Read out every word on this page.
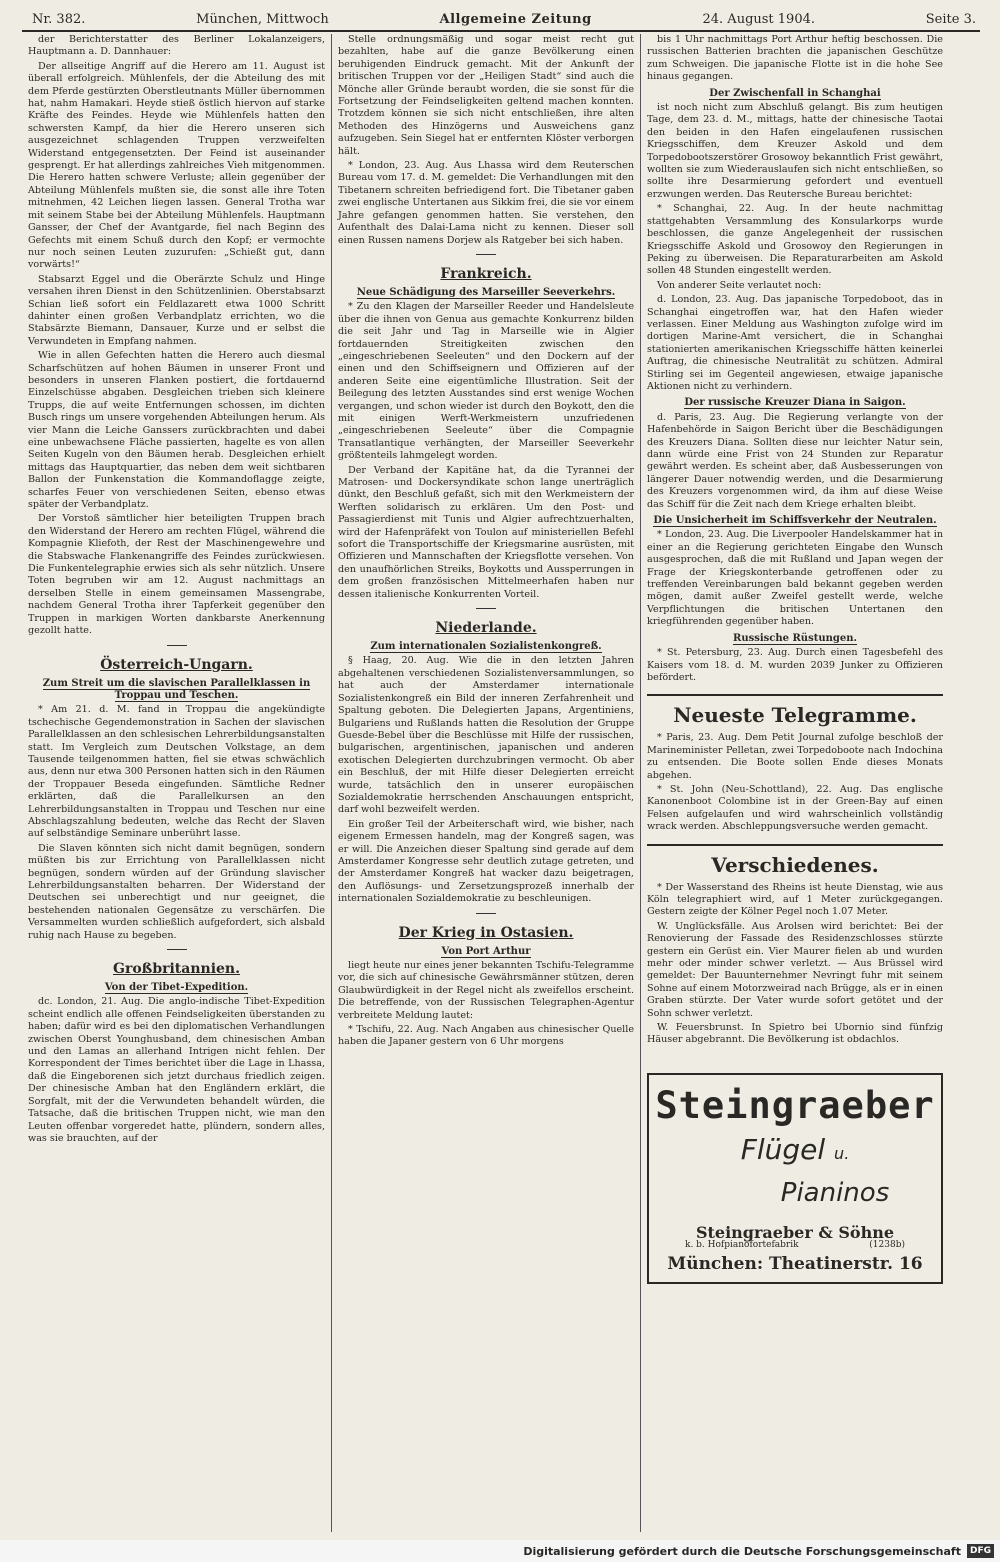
Nr. 382.	München, Mittwoch	Allgemeine Zeitung	24. August 1904.	Seite 3.

der Berichterstatter des Berliner Lokalanzeigers, Hauptmann a. D. Dannhauer:

Der allseitige Angriff auf die Herero am 11. August ist überall erfolgreich. Mühlenfels, der die Abteilung des mit dem Pferde gestürzten Oberstleutnants Müller übernommen hat, nahm Hamakari. Heyde stieß östlich hiervon auf starke Kräfte des Feindes. Heyde wie Mühlenfels hatten den schwersten Kampf, da hier die Herero unseren sich ausgezeichnet schlagenden Truppen verzweifelten Widerstand entgegensetzten. Der Feind ist auseinander gesprengt. Er hat allerdings zahlreiches Vieh mitgenommen. Die Herero hatten schwere Verluste; allein gegenüber der Abteilung Mühlenfels mußten sie, die sonst alle ihre Toten mitnehmen, 42 Leichen liegen lassen. General Trotha war mit seinem Stabe bei der Abteilung Mühlenfels. Hauptmann Gansser, der Chef der Avantgarde, fiel nach Beginn des Gefechts mit einem Schuß durch den Kopf; er vermochte nur noch seinen Leuten zuzurufen: „Schießt gut, dann vorwärts!“

Stabsarzt Eggel und die Oberärzte Schulz und Hinge versahen ihren Dienst in den Schützenlinien. Oberstabsarzt Schian ließ sofort ein Feldlazarett etwa 1000 Schritt dahinter einen großen Verbandplatz errichten, wo die Stabsärzte Biemann, Dansauer, Kurze und er selbst die Verwundeten in Empfang nahmen.

Wie in allen Gefechten hatten die Herero auch diesmal Scharfschützen auf hohen Bäumen in unserer Front und besonders in unseren Flanken postiert, die fortdauernd Einzelschüsse abgaben. Desgleichen trieben sich kleinere Trupps, die auf weite Entfernungen schossen, im dichten Busch rings um unsere vorgehenden Abteilungen herum. Als vier Mann die Leiche Ganssers zurückbrachten und dabei eine unbewachsene Fläche passierten, hagelte es von allen Seiten Kugeln von den Bäumen herab. Desgleichen erhielt mittags das Hauptquartier, das neben dem weit sichtbaren Ballon der Funkenstation die Kommandoflagge zeigte, scharfes Feuer von verschiedenen Seiten, ebenso etwas später der Verbandplatz.

Der Vorstoß sämtlicher hier beteiligten Truppen brach den Widerstand der Herero am rechten Flügel, während die Kompagnie Kliefoth, der Rest der Maschinengewehre und die Stabswache Flankenangriffe des Feindes zurückwiesen. Die Funkentelegraphie erwies sich als sehr nützlich. Unsere Toten begruben wir am 12. August nachmittags an derselben Stelle in einem gemeinsamen Massengrabe, nachdem General Trotha ihrer Tapferkeit gegenüber den Truppen in markigen Worten dankbarste Anerkennung gezollt hatte.

Österreich-Ungarn.
Zum Streit um die slavischen Parallelklassen in Troppau und Teschen.

* Am 21. d. M. fand in Troppau die angekündigte tschechische Gegendemonstration in Sachen der slavischen Parallelklassen an den schlesischen Lehrerbildungsanstalten statt. Im Vergleich zum Deutschen Volkstage, an dem Tausende teilgenommen hatten, fiel sie etwas schwächlich aus, denn nur etwa 300 Personen hatten sich in den Räumen der Troppauer Beseda eingefunden. Sämtliche Redner erklärten, daß die Parallelkursen an den Lehrerbildungsanstalten in Troppau und Teschen nur eine Abschlagszahlung bedeuten, welche das Recht der Slaven auf selbständige Seminare unberührt lasse.

Die Slaven könnten sich nicht damit begnügen, sondern müßten bis zur Errichtung von Parallelklassen nicht begnügen, sondern würden auf der Gründung slavischer Lehrerbildungsanstalten beharren. Der Widerstand der Deutschen sei unberechtigt und nur geeignet, die bestehenden nationalen Gegensätze zu verschärfen. Die Versammelten wurden schließlich aufgefordert, sich alsbald ruhig nach Hause zu begeben.

Großbritannien.
Von der Tibet-Expedition.

dc. London, 21. Aug. Die anglo-indische Tibet-Expedition scheint endlich alle offenen Feindseligkeiten überstanden zu haben; dafür wird es bei den diplomatischen Verhandlungen zwischen Oberst Younghusband, dem chinesischen Amban und den Lamas an allerhand Intrigen nicht fehlen. Der Korrespondent der Times berichtet über die Lage in Lhassa, daß die Eingeborenen sich jetzt durchaus friedlich zeigen. Der chinesische Amban hat den Engländern erklärt, die Sorgfalt, mit der die Verwundeten behandelt würden, die Tatsache, daß die britischen Truppen nicht, wie man den Leuten offenbar vorgeredet hatte, plündern, sondern alles, was sie brauchten, auf der

Stelle ordnungsmäßig und sogar meist recht gut bezahlten, habe auf die ganze Bevölkerung einen beruhigenden Eindruck gemacht. Mit der Ankunft der britischen Truppen vor der „Heiligen Stadt“ sind auch die Mönche aller Gründe beraubt worden, die sie sonst für die Fortsetzung der Feindseligkeiten geltend machen konnten. Trotzdem können sie sich nicht entschließen, ihre alten Methoden des Hinzögerns und Ausweichens ganz aufzugeben. Sein Siegel hat er entfernten Klöster verborgen hält.

* London, 23. Aug. Aus Lhassa wird dem Reuterschen Bureau vom 17. d. M. gemeldet: Die Verhandlungen mit den Tibetanern schreiten befriedigend fort. Die Tibetaner gaben zwei englische Untertanen aus Sikkim frei, die sie vor einem Jahre gefangen genommen hatten. Sie verstehen, den Aufenthalt des Dalai-Lama nicht zu kennen. Dieser soll einen Russen namens Dorjew als Ratgeber bei sich haben.

Frankreich.
Neue Schädigung des Marseiller Seeverkehrs.

* Zu den Klagen der Marseiller Reeder und Handelsleute über die ihnen von Genua aus gemachte Konkurrenz bilden die seit Jahr und Tag in Marseille wie in Algier fortdauernden Streitigkeiten zwischen den „eingeschriebenen Seeleuten“ und den Dockern auf der einen und den Schiffseignern und Offizieren auf der anderen Seite eine eigentümliche Illustration. Seit der Beilegung des letzten Ausstandes sind erst wenige Wochen vergangen, und schon wieder ist durch den Boykott, den die mit einigen Werft-Werkmeistern unzufriedenen „eingeschriebenen Seeleute“ über die Compagnie Transatlantique verhängten, der Marseiller Seeverkehr größtenteils lahmgelegt worden.

Der Verband der Kapitäne hat, da die Tyrannei der Matrosen- und Dockersyndikate schon lange unerträglich dünkt, den Beschluß gefaßt, sich mit den Werkmeistern der Werften solidarisch zu erklären. Um den Post- und Passagierdienst mit Tunis und Algier aufrechtzuerhalten, wird der Hafenpräfekt von Toulon auf ministeriellen Befehl sofort die Transportschiffe der Kriegsmarine ausrüsten, mit Offizieren und Mannschaften der Kriegsflotte versehen. Von den unaufhörlichen Streiks, Boykotts und Aussperrungen in dem großen französischen Mittelmeerhafen haben nur dessen italienische Konkurrenten Vorteil.

Niederlande.
Zum internationalen Sozialistenkongreß.

§ Haag, 20. Aug. Wie die in den letzten Jahren abgehaltenen verschiedenen Sozialistenversammlungen, so hat auch der Amsterdamer internationale Sozialistenkongreß ein Bild der inneren Zerfahrenheit und Spaltung geboten. Die Delegierten Japans, Argentiniens, Bulgariens und Rußlands hatten die Resolution der Gruppe Guesde-Bebel über die Beschlüsse mit Hilfe der russischen, bulgarischen, argentinischen, japanischen und anderen exotischen Delegierten durchzubringen vermocht. Ob aber ein Beschluß, der mit Hilfe dieser Delegierten erreicht wurde, tatsächlich den in unserer europäischen Sozialdemokratie herrschenden Anschauungen entspricht, darf wohl bezweifelt werden.

Ein großer Teil der Arbeiterschaft wird, wie bisher, nach eigenem Ermessen handeln, mag der Kongreß sagen, was er will. Die Anzeichen dieser Spaltung sind gerade auf dem Amsterdamer Kongresse sehr deutlich zutage getreten, und der Amsterdamer Kongreß hat wacker dazu beigetragen, den Auflösungs- und Zersetzungsprozeß innerhalb der internationalen Sozialdemokratie zu beschleunigen.

Der Krieg in Ostasien.
Von Port Arthur

liegt heute nur eines jener bekannten Tschifu-Telegramme vor, die sich auf chinesische Gewährsmänner stützen, deren Glaubwürdigkeit in der Regel nicht als zweifellos erscheint. Die betreffende, von der Russischen Telegraphen-Agentur verbreitete Meldung lautet:

* Tschifu, 22. Aug. Nach Angaben aus chinesischer Quelle haben die Japaner gestern von 6 Uhr morgens

bis 1 Uhr nachmittags Port Arthur heftig beschossen. Die russischen Batterien brachten die japanischen Geschütze zum Schweigen. Die japanische Flotte ist in die hohe See hinaus gegangen.

Der Zwischenfall in Schanghai

ist noch nicht zum Abschluß gelangt. Bis zum heutigen Tage, dem 23. d. M., mittags, hatte der chinesische Taotai den beiden in den Hafen eingelaufenen russischen Kriegsschiffen, dem Kreuzer Askold und dem Torpedobootszerstörer Grosowoy bekanntlich Frist gewährt, wollten sie zum Wiederauslaufen sich nicht entschließen, so sollte ihre Desarmierung gefordert und eventuell erzwungen werden. Das Reutersche Bureau berichtet:

* Schanghai, 22. Aug. In der heute nachmittag stattgehabten Versammlung des Konsularkorps wurde beschlossen, die ganze Angelegenheit der russischen Kriegsschiffe Askold und Grosowoy den Regierungen in Peking zu überweisen. Die Reparaturarbeiten am Askold sollen 48 Stunden eingestellt werden.

Von anderer Seite verlautet noch:

d. London, 23. Aug. Das japanische Torpedoboot, das in Schanghai eingetroffen war, hat den Hafen wieder verlassen. Einer Meldung aus Washington zufolge wird im dortigen Marine-Amt versichert, die in Schanghai stationierten amerikanischen Kriegsschiffe hätten keinerlei Auftrag, die chinesische Neutralität zu schützen. Admiral Stirling sei im Gegenteil angewiesen, etwaige japanische Aktionen nicht zu verhindern.

Der russische Kreuzer Diana in Saigon.

d. Paris, 23. Aug. Die Regierung verlangte von der Hafenbehörde in Saigon Bericht über die Beschädigungen des Kreuzers Diana. Sollten diese nur leichter Natur sein, dann würde eine Frist von 24 Stunden zur Reparatur gewährt werden. Es scheint aber, daß Ausbesserungen von längerer Dauer notwendig werden, und die Desarmierung des Kreuzers vorgenommen wird, da ihm auf diese Weise das Schiff für die Zeit nach dem Kriege erhalten bleibt.

Die Unsicherheit im Schiffsverkehr der Neutralen.

* London, 23. Aug. Die Liverpooler Handelskammer hat in einer an die Regierung gerichteten Eingabe den Wunsch ausgesprochen, daß die mit Rußland und Japan wegen der Frage der Kriegskonterbande getroffenen oder zu treffenden Vereinbarungen bald bekannt gegeben werden mögen, damit außer Zweifel gestellt werde, welche Verpflichtungen die britischen Untertanen den kriegführenden gegenüber haben.

Russische Rüstungen.

* St. Petersburg, 23. Aug. Durch einen Tagesbefehl des Kaisers vom 18. d. M. wurden 2039 Junker zu Offizieren befördert.

Neueste Telegramme.

* Paris, 23. Aug. Dem Petit Journal zufolge beschloß der Marineminister Pelletan, zwei Torpedoboote nach Indochina zu entsenden. Die Boote sollen Ende dieses Monats abgehen.

* St. John (Neu-Schottland), 22. Aug. Das englische Kanonenboot Colombine ist in der Green-Bay auf einen Felsen aufgelaufen und wird wahrscheinlich vollständig wrack werden. Abschleppungsversuche werden gemacht.

Verschiedenes.

* Der Wasserstand des Rheins ist heute Dienstag, wie aus Köln telegraphiert wird, auf 1 Meter zurückgegangen. Gestern zeigte der Kölner Pegel noch 1.07 Meter.

W. Unglücksfälle. Aus Arolsen wird berichtet: Bei der Renovierung der Fassade des Residenzschlosses stürzte gestern ein Gerüst ein. Vier Maurer fielen ab und wurden mehr oder minder schwer verletzt. — Aus Brüssel wird gemeldet: Der Bauunternehmer Nevringt fuhr mit seinem Sohne auf einem Motorzweirad nach Brügge, als er in einen Graben stürzte. Der Vater wurde sofort getötet und der Sohn schwer verletzt.

W. Feuersbrunst. In Spietro bei Ubornio sind fünfzig Häuser abgebrannt. Die Bevölkerung ist obdachlos.

Steingraeber
Flügel u.
Pianinos
Steingraeber & Söhne
k. b. Hofpianofortefabrik	(1238b)
München: Theatinerstr. 16
Digitalisierung gefördert durch die Deutsche Forschungsgemeinschaft	DFG
